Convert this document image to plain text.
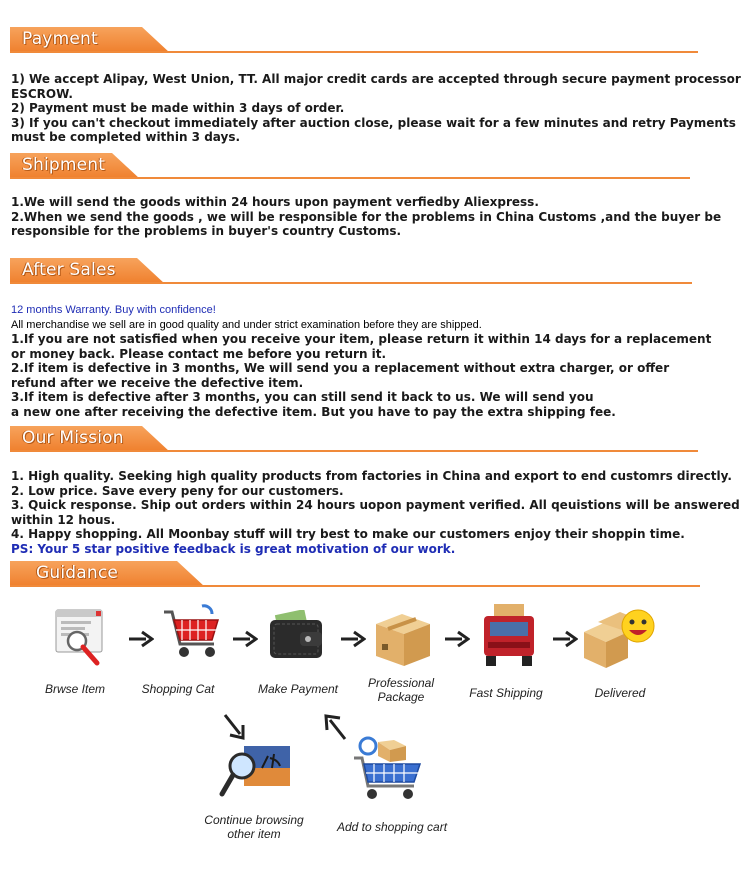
Payment
1) We accept Alipay, West Union, TT. All major credit cards are accepted through secure payment processor
ESCROW.
2) Payment must be made within 3 days of order.
3) If you can't checkout immediately after auction close, please wait for a few minutes and retry Payments
must be completed within 3 days.
Shipment
1.We will send the goods within 24 hours upon payment verfiedby Aliexpress.
2.When we send the goods , we will be responsible for the problems in China Customs ,and the buyer be
responsible for the problems in buyer's country Customs.
After Sales
12 months Warranty. Buy with confidence!
All merchandise we sell are in good quality and under strict examination before they are shipped.
1.If you are not satisfied when you receive your item, please return it within 14 days for a replacement
or money back. Please contact me before you return it.
2.If item is defective in 3 months, We will send you a replacement without extra charger, or offer
refund after we receive the defective item.
3.If item is defective after 3 months, you can still send it back to us. We will send you
a new one after receiving the defective item. But you have to pay the extra shipping fee.
Our Mission
1. High quality. Seeking high quality products from factories in China and export to end customrs directly.
2. Low price. Save every peny for our customers.
3. Quick response. Ship out orders within 24 hours uopon payment verified. All qeuistions will be answered
within 12 hous.
4. Happy shopping. All Moonbay stuff will try best to make our customers enjoy their shoppin time.
PS: Your 5 star positive feedback is great motivation of our work.
Guidance
Brwse Item	Shopping Cat	Make Payment	Professional
Package	Fast Shipping	Delivered
Continue browsing
other item	Add to shopping cart
